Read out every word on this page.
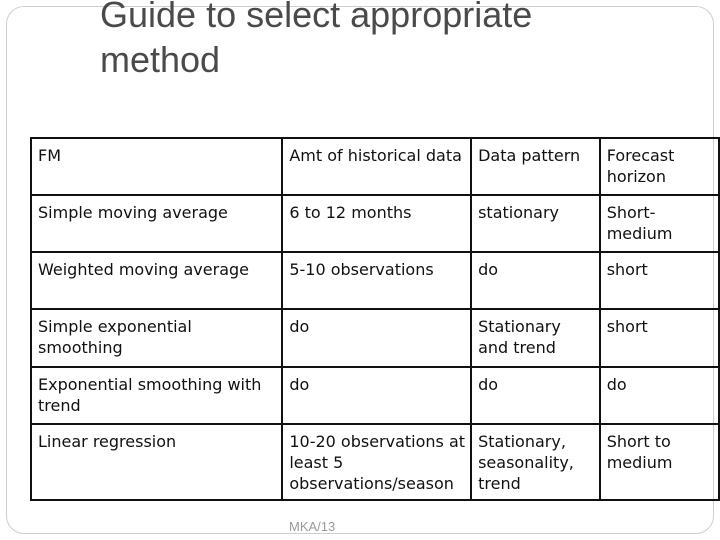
Guide to select appropriate method
FM	Amt of historical data	Data pattern	Forecast horizon
Simple moving average	6 to 12 months	stationary	Short-medium
Weighted moving average	5-10 observations	do	short
Simple exponential smoothing	do	Stationary and trend	short
Exponential smoothing with trend	do	do	do
Linear regression	10-20 observations at least 5 observations/season	Stationary, seasonality, trend	Short to medium
MKA/13
